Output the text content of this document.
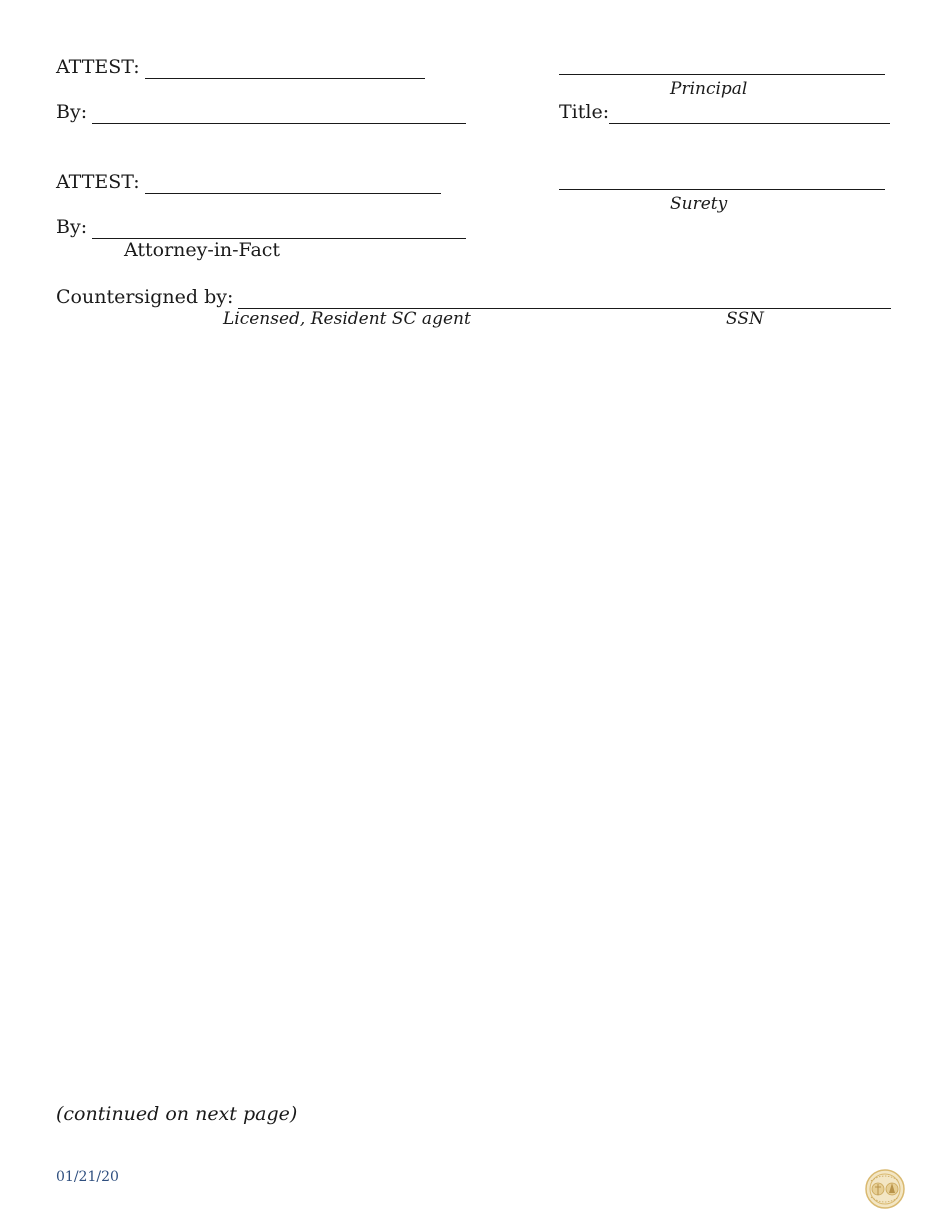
ATTEST:
Principal
By:	Title:
ATTEST:
Surety
By:
Attorney-in-Fact
Countersigned by:
Licensed, Resident SC agent	SSN
(continued on next page)
01/21/20
